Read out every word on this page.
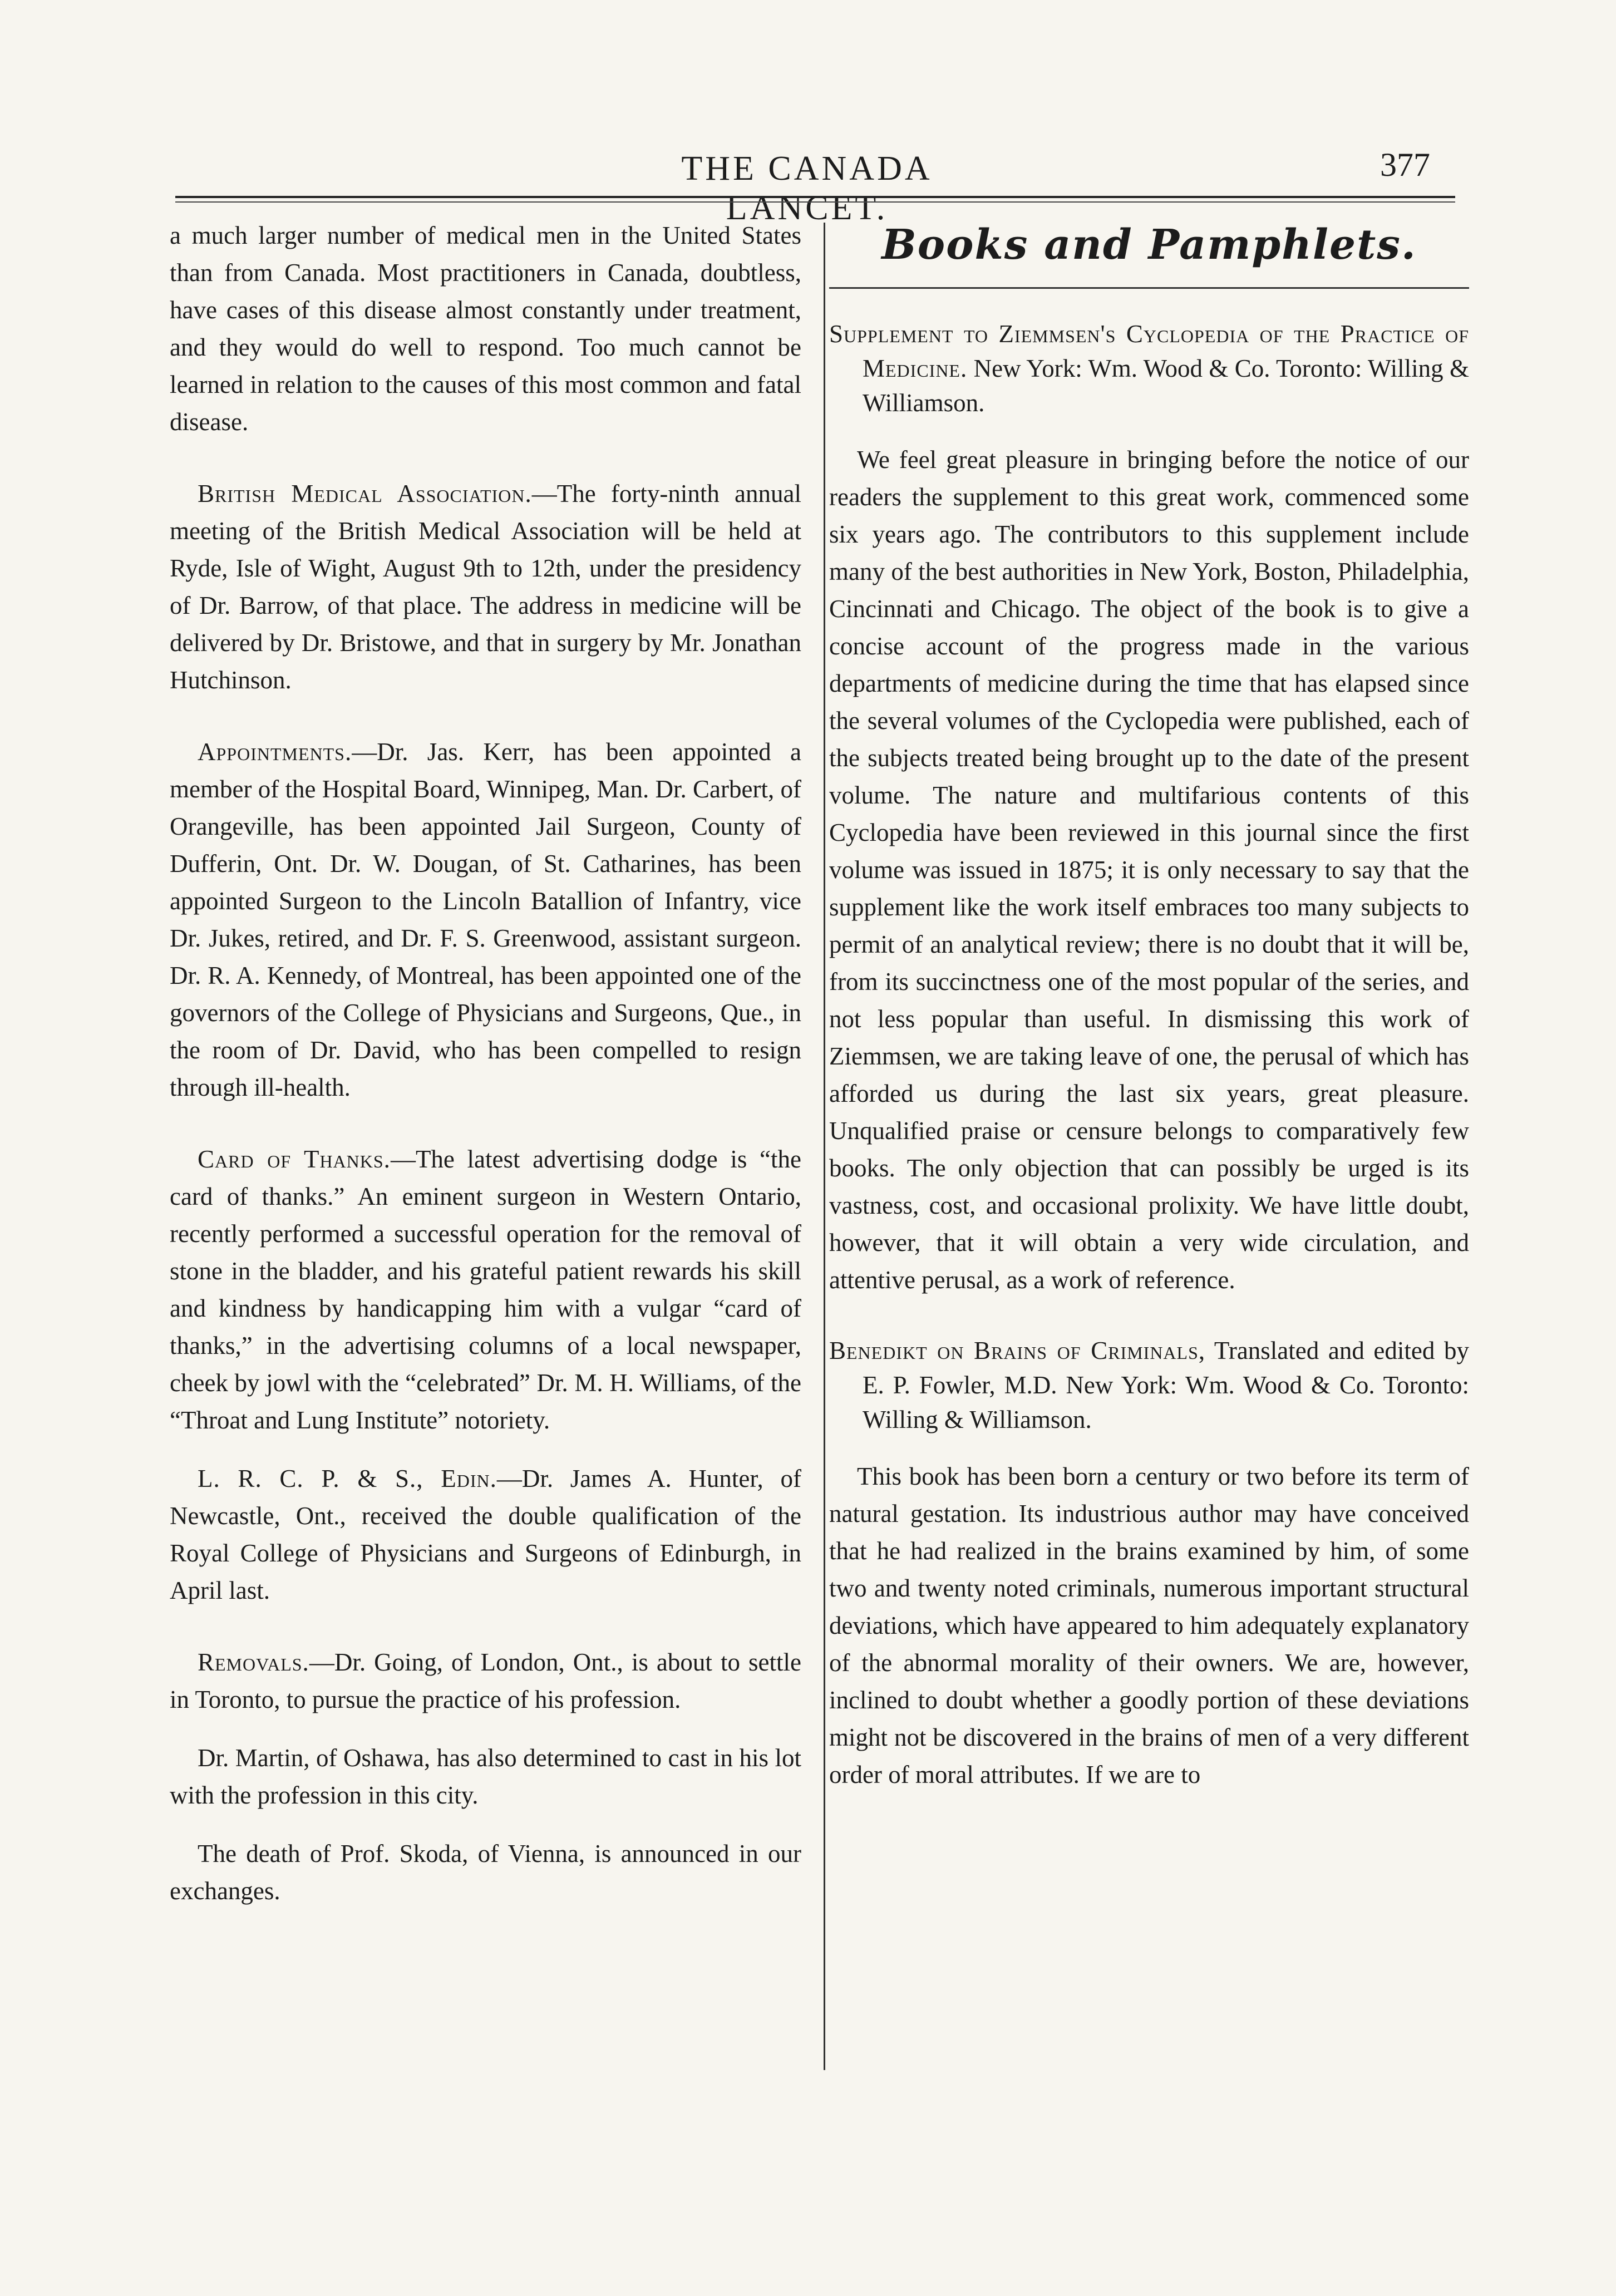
THE CANADA LANCET.
377

a much larger number of medical men in the United States than from Canada. Most practitioners in Canada, doubtless, have cases of this disease almost constantly under treatment, and they would do well to respond. Too much cannot be learned in relation to the causes of this most common and fatal disease.

British Medical Association.—The forty-ninth annual meeting of the British Medical Association will be held at Ryde, Isle of Wight, August 9th to 12th, under the presidency of Dr. Barrow, of that place. The address in medicine will be delivered by Dr. Bristowe, and that in surgery by Mr. Jonathan Hutchinson.

Appointments.—Dr. Jas. Kerr, has been appointed a member of the Hospital Board, Winnipeg, Man. Dr. Carbert, of Orangeville, has been appointed Jail Surgeon, County of Dufferin, Ont. Dr. W. Dougan, of St. Catharines, has been appointed Surgeon to the Lincoln Batallion of Infantry, vice Dr. Jukes, retired, and Dr. F. S. Greenwood, assistant surgeon. Dr. R. A. Kennedy, of Montreal, has been appointed one of the governors of the College of Physicians and Surgeons, Que., in the room of Dr. David, who has been compelled to resign through ill-health.

Card of Thanks.—The latest advertising dodge is “the card of thanks.” An eminent surgeon in Western Ontario, recently performed a successful operation for the removal of stone in the bladder, and his grateful patient rewards his skill and kindness by handicapping him with a vulgar “card of thanks,” in the advertising columns of a local newspaper, cheek by jowl with the “celebrated” Dr. M. H. Williams, of the “Throat and Lung Institute” notoriety.

L. R. C. P. & S., Edin.—Dr. James A. Hunter, of Newcastle, Ont., received the double qualification of the Royal College of Physicians and Surgeons of Edinburgh, in April last.

Removals.—Dr. Going, of London, Ont., is about to settle in Toronto, to pursue the practice of his profession.

Dr. Martin, of Oshawa, has also determined to cast in his lot with the profession in this city.

The death of Prof. Skoda, of Vienna, is announced in our exchanges.

Books and Pamphlets.

Supplement to Ziemmsen's Cyclopedia of the Practice of Medicine. New York: Wm. Wood & Co. Toronto: Willing & Williamson.

We feel great pleasure in bringing before the notice of our readers the supplement to this great work, commenced some six years ago. The contributors to this supplement include many of the best authorities in New York, Boston, Philadelphia, Cincinnati and Chicago. The object of the book is to give a concise account of the progress made in the various departments of medicine during the time that has elapsed since the several volumes of the Cyclopedia were published, each of the subjects treated being brought up to the date of the present volume. The nature and multifarious contents of this Cyclopedia have been reviewed in this journal since the first volume was issued in 1875; it is only necessary to say that the supplement like the work itself embraces too many subjects to permit of an analytical review; there is no doubt that it will be, from its succinctness one of the most popular of the series, and not less popular than useful. In dismissing this work of Ziemmsen, we are taking leave of one, the perusal of which has afforded us during the last six years, great pleasure. Unqualified praise or censure belongs to comparatively few books. The only objection that can possibly be urged is its vastness, cost, and occasional prolixity. We have little doubt, however, that it will obtain a very wide circulation, and attentive perusal, as a work of reference.

Benedikt on Brains of Criminals, Translated and edited by E. P. Fowler, M.D. New York: Wm. Wood & Co. Toronto: Willing & Williamson.

This book has been born a century or two before its term of natural gestation. Its industrious author may have conceived that he had realized in the brains examined by him, of some two and twenty noted criminals, numerous important structural deviations, which have appeared to him adequately explanatory of the abnormal morality of their owners. We are, however, inclined to doubt whether a goodly portion of these deviations might not be discovered in the brains of men of a very different order of moral attributes. If we are to
